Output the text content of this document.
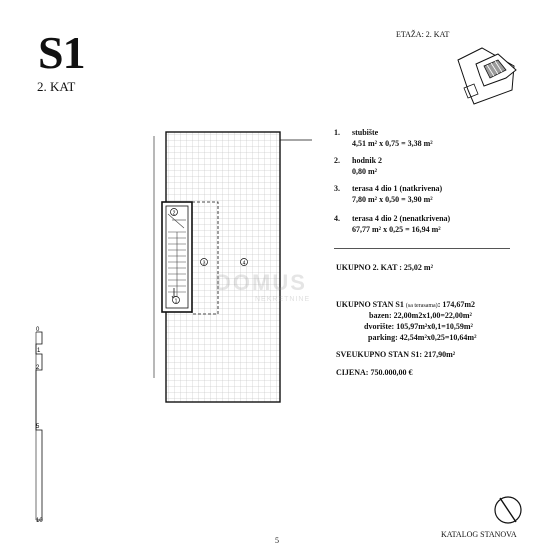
S1
2. KAT
ETAŽA: 2. KAT
2
1
3	4
DOMUS
NEKRETNINE
1. stubište
4,51 m² x 0,75 = 3,38 m²
2. hodnik 2
0,80 m²
3. terasa 4 dio 1 (natkrivena)
7,80 m² x 0,50 = 3,90 m²
4. terasa 4 dio 2 (nenatkrivena)
67,77 m² x 0,25 = 16,94 m²
UKUPNO 2. KAT : 25,02 m²
UKUPNO STAN S1 (sa terasama): 174,67m2
bazen: 22,00m2x1,00=22,00m²
dvorište: 105,97m²x0,1=10,59m²
parking: 42,54m²x0,25=10,64m²
SVEUKUPNO STAN S1: 217,90m²
CIJENA: 750.000,00 €
0
1
2
5
10
KATALOG STANOVA
5
